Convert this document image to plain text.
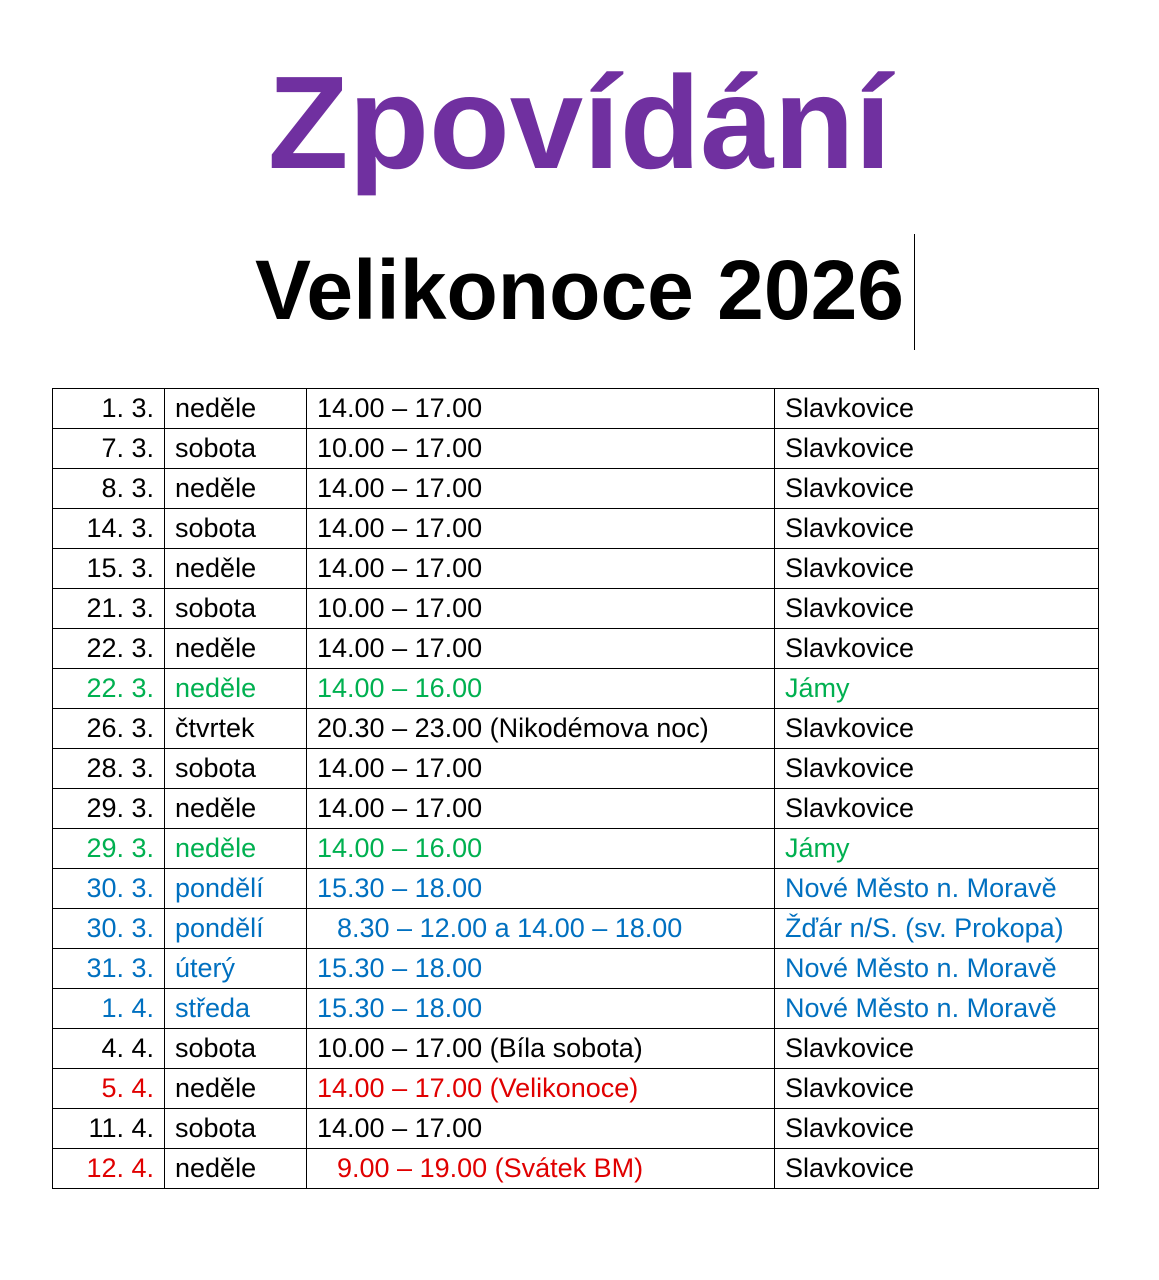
Zpovídání
Velikonoce 2026
1. 3.	neděle	14.00 – 17.00	Slavkovice
7. 3.	sobota	10.00 – 17.00	Slavkovice
8. 3.	neděle	14.00 – 17.00	Slavkovice
14. 3.	sobota	14.00 – 17.00	Slavkovice
15. 3.	neděle	14.00 – 17.00	Slavkovice
21. 3.	sobota	10.00 – 17.00	Slavkovice
22. 3.	neděle	14.00 – 17.00	Slavkovice
22. 3.	neděle	14.00 – 16.00	Jámy
26. 3.	čtvrtek	20.30 – 23.00 (Nikodémova noc)	Slavkovice
28. 3.	sobota	14.00 – 17.00	Slavkovice
29. 3.	neděle	14.00 – 17.00	Slavkovice
29. 3.	neděle	14.00 – 16.00	Jámy
30. 3.	pondělí	15.30 – 18.00	Nové Město n. Moravě
30. 3.	pondělí	8.30 – 12.00 a 14.00 – 18.00	Žďár n/S. (sv. Prokopa)
31. 3.	úterý	15.30 – 18.00	Nové Město n. Moravě
1. 4.	středa	15.30 – 18.00	Nové Město n. Moravě
4. 4.	sobota	10.00 – 17.00 (Bíla sobota)	Slavkovice
5. 4.	neděle	14.00 – 17.00 (Velikonoce)	Slavkovice
11. 4.	sobota	14.00 – 17.00	Slavkovice
12. 4.	neděle	9.00 – 19.00 (Svátek BM)	Slavkovice
